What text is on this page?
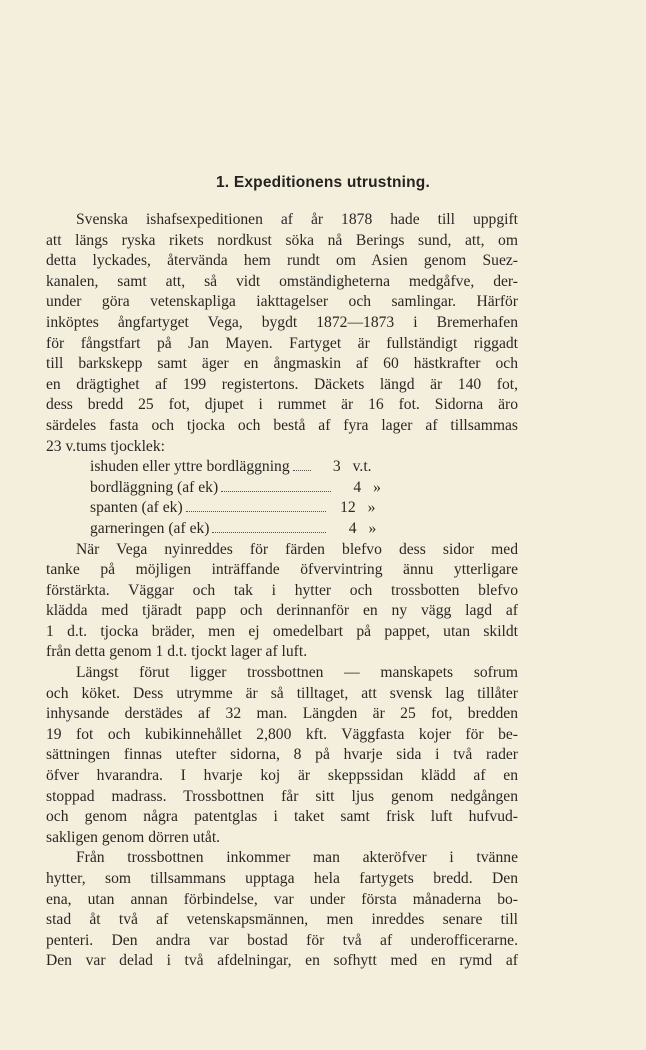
1. Expeditionens utrustning.
Svenska ishafsexpeditionen af år 1878 hade till uppgift
att längs ryska rikets nordkust söka nå Berings sund, att, om
detta lyckades, återvända hem rundt om Asien genom Suez-
kanalen, samt att, så vidt omständigheterna medgåfve, der-
under göra vetenskapliga iakttagelser och samlingar. Härför
inköptes ångfartyget Vega, bygdt 1872—1873 i Bremerhafen
för fångstfart på Jan Mayen. Fartyget är fullständigt riggadt
till barkskepp samt äger en ångmaskin af 60 hästkrafter och
en drägtighet af 199 registertons. Däckets längd är 140 fot,
dess bredd 25 fot, djupet i rummet är 16 fot. Sidorna äro
särdeles fasta och tjocka och bestå af fyra lager af tillsammas
23 v.tums tjocklek:
ishuden eller yttre bordläggning	3 v.t.
bordläggning (af ek)	4 »
spanten (af ek)	12 »
garneringen (af ek)	4 »
När Vega nyinreddes för färden blefvo dess sidor med
tanke på möjligen inträffande öfvervintring ännu ytterligare
förstärkta. Väggar och tak i hytter och trossbotten blefvo
klädda med tjäradt papp och derinnanför en ny vägg lagd af
1 d.t. tjocka bräder, men ej omedelbart på pappet, utan skildt
från detta genom 1 d.t. tjockt lager af luft.
Längst förut ligger trossbottnen — manskapets sofrum
och köket. Dess utrymme är så tilltaget, att svensk lag tillåter
inhysande derstädes af 32 man. Längden är 25 fot, bredden
19 fot och kubikinnehållet 2,800 kft. Väggfasta kojer för be-
sättningen finnas utefter sidorna, 8 på hvarje sida i två rader
öfver hvarandra. I hvarje koj är skeppssidan klädd af en
stoppad madrass. Trossbottnen får sitt ljus genom nedgången
och genom några patentglas i taket samt frisk luft hufvud-
sakligen genom dörren utåt.
Från trossbottnen inkommer man akteröfver i tvänne
hytter, som tillsammans upptaga hela fartygets bredd. Den
ena, utan annan förbindelse, var under första månaderna bo-
stad åt två af vetenskapsmännen, men inreddes senare till
penteri. Den andra var bostad för två af underofficerarne.
Den var delad i två afdelningar, en sofhytt med en rymd af
